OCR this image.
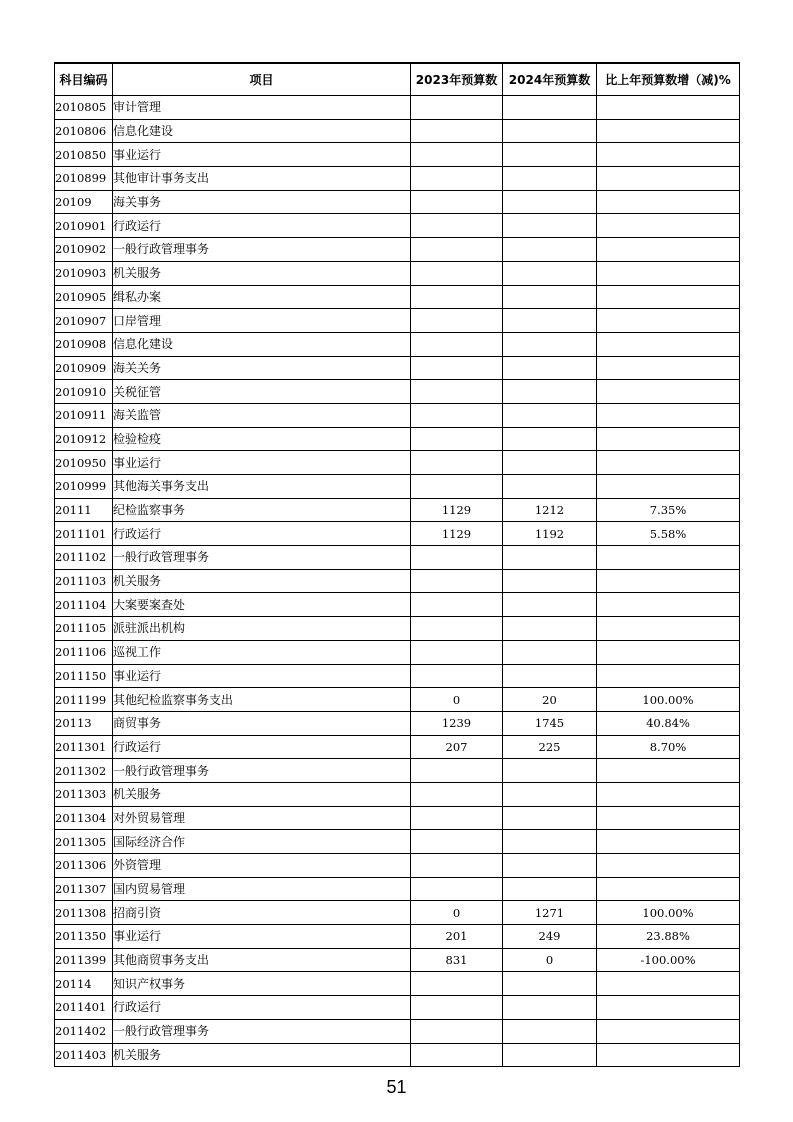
科目编码	项目	2023年预算数	2024年预算数	比上年预算数增（减)%
2010805	审计管理			
2010806	信息化建设			
2010850	事业运行			
2010899	其他审计事务支出			
20109	海关事务			
2010901	行政运行			
2010902	一般行政管理事务			
2010903	机关服务			
2010905	缉私办案			
2010907	口岸管理			
2010908	信息化建设			
2010909	海关关务			
2010910	关税征管			
2010911	海关监管			
2010912	检验检疫			
2010950	事业运行			
2010999	其他海关事务支出			
20111	纪检监察事务	1129	1212	7.35%
2011101	行政运行	1129	1192	5.58%
2011102	一般行政管理事务			
2011103	机关服务			
2011104	大案要案查处			
2011105	派驻派出机构			
2011106	巡视工作			
2011150	事业运行			
2011199	其他纪检监察事务支出	0	20	100.00%
20113	商贸事务	1239	1745	40.84%
2011301	行政运行	207	225	8.70%
2011302	一般行政管理事务			
2011303	机关服务			
2011304	对外贸易管理			
2011305	国际经济合作			
2011306	外资管理			
2011307	国内贸易管理			
2011308	招商引资	0	1271	100.00%
2011350	事业运行	201	249	23.88%
2011399	其他商贸事务支出	831	0	-100.00%
20114	知识产权事务			
2011401	行政运行			
2011402	一般行政管理事务			
2011403	机关服务			
51
